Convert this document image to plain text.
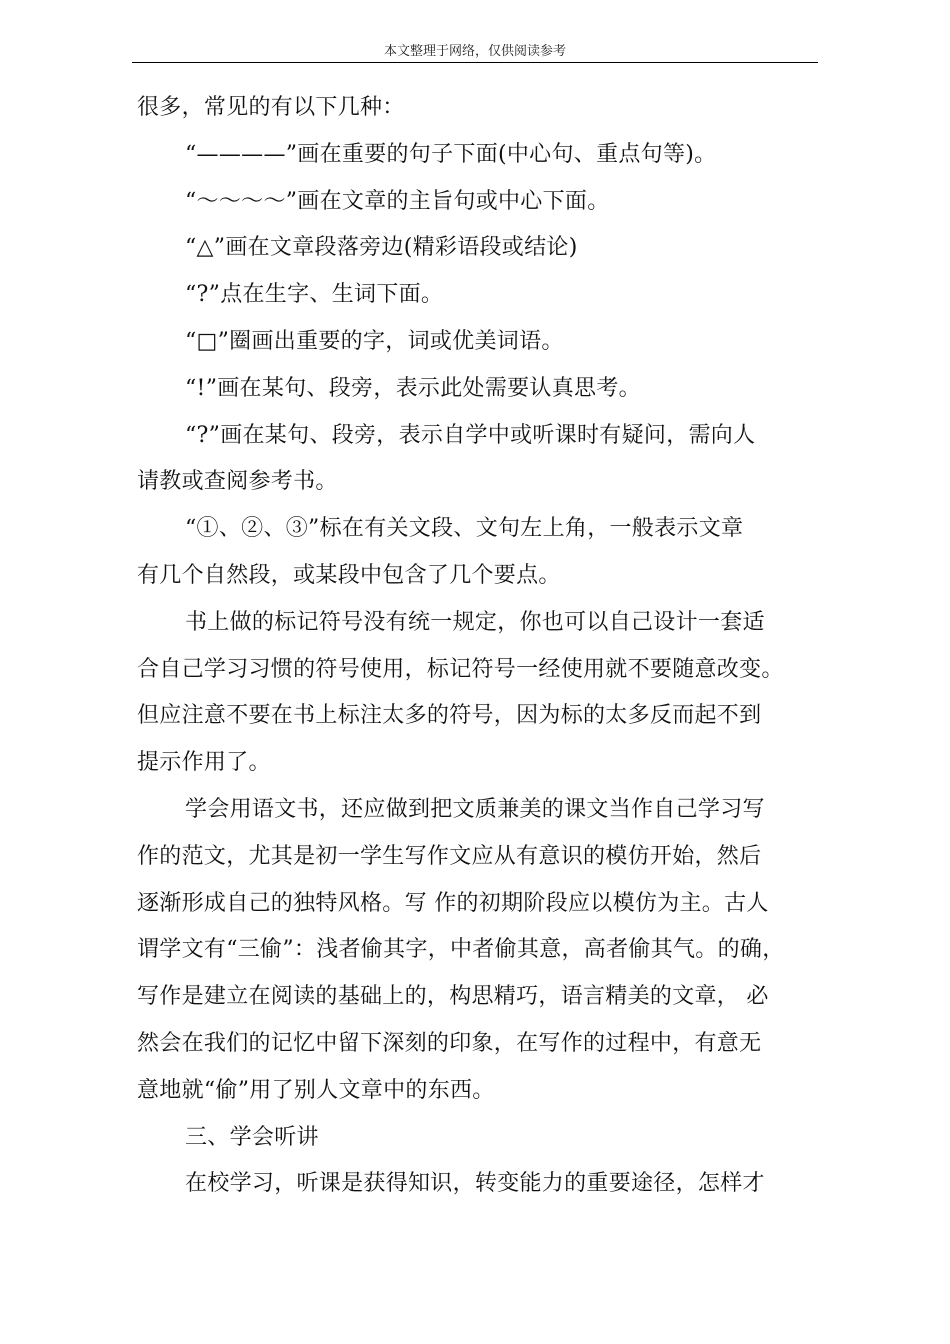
本文整理于网络，仅供阅读参考

很多，常见的有以下几种：

“————”画在重要的句子下面(中心句、重点句等)。

“～～～～”画在文章的主旨句或中心下面。

“△”画在文章段落旁边(精彩语段或结论)

“?”点在生字、生词下面。

“□”圈画出重要的字，词或优美词语。

“!”画在某句、段旁，表示此处需要认真思考。

“?”画在某句、段旁，表示自学中或听课时有疑问，需向人

请教或查阅参考书。

“①、②、③”标在有关文段、文句左上角，一般表示文章

有几个自然段，或某段中包含了几个要点。

书上做的标记符号没有统一规定，你也可以自己设计一套适

合自己学习习惯的符号使用，标记符号一经使用就不要随意改变。

但应注意不要在书上标注太多的符号，因为标的太多反而起不到

提示作用了。

学会用语文书，还应做到把文质兼美的课文当作自己学习写

作的范文，尤其是初一学生写作文应从有意识的模仿开始，然后

逐渐形成自己的独特风格。写 作的初期阶段应以模仿为主。古人

谓学文有“三偷”：浅者偷其字，中者偷其意，高者偷其气。的确，

写作是建立在阅读的基础上的，构思精巧，语言精美的文章， 必

然会在我们的记忆中留下深刻的印象，在写作的过程中，有意无

意地就“偷”用了别人文章中的东西。

三、学会听讲

在校学习，听课是获得知识，转变能力的重要途径，怎样才
